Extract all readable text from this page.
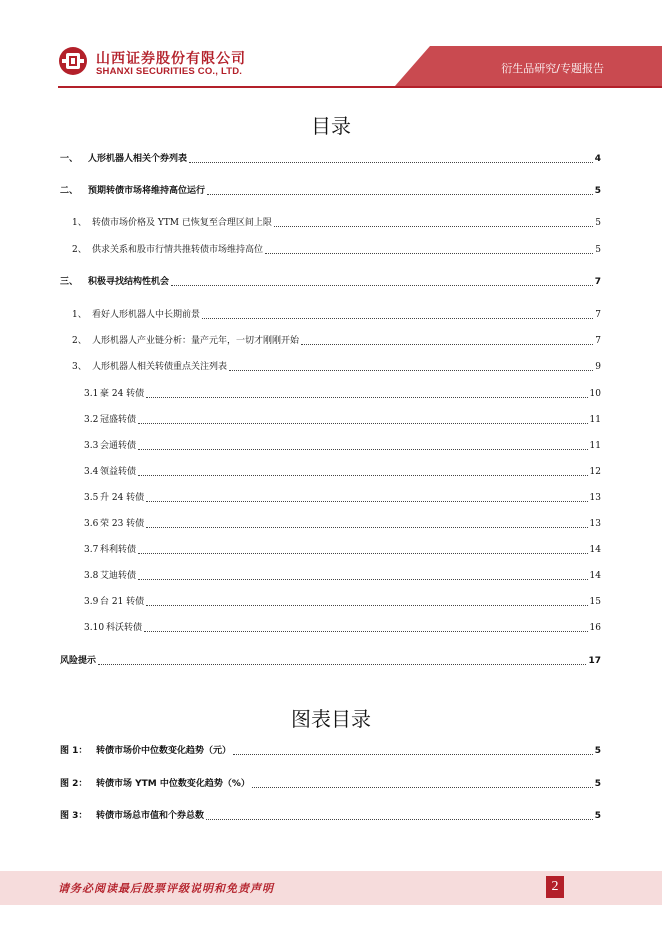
山西证券股份有限公司
SHANXI SECURITIES CO., LTD.	衍生品研究/专题报告
目录
一、	人形机器人相关个券列表	4
二、	预期转债市场将维持高位运行	5
1、 转债市场价格及 YTM 已恢复至合理区间上限	5
2、 供求关系和股市行情共推转债市场维持高位	5
三、	积极寻找结构性机会	7
1、 看好人形机器人中长期前景	7
2、 人形机器人产业链分析：量产元年，一切才刚刚开始	7
3、 人形机器人相关转债重点关注列表	9
3.1 豪 24 转债	10
3.2 冠盛转债	11
3.3 会通转债	11
3.4 领益转债	12
3.5 升 24 转债	13
3.6 荣 23 转债	13
3.7 科利转债	14
3.8 艾迪转债	14
3.9 台 21 转债	15
3.10 科沃转债	16
风险提示	17
图表目录
图 1： 转债市场价中位数变化趋势（元）	5
图 2： 转债市场 YTM 中位数变化趋势（%）	5
图 3： 转债市场总市值和个券总数	5
请务必阅读最后股票评级说明和免责声明	2
